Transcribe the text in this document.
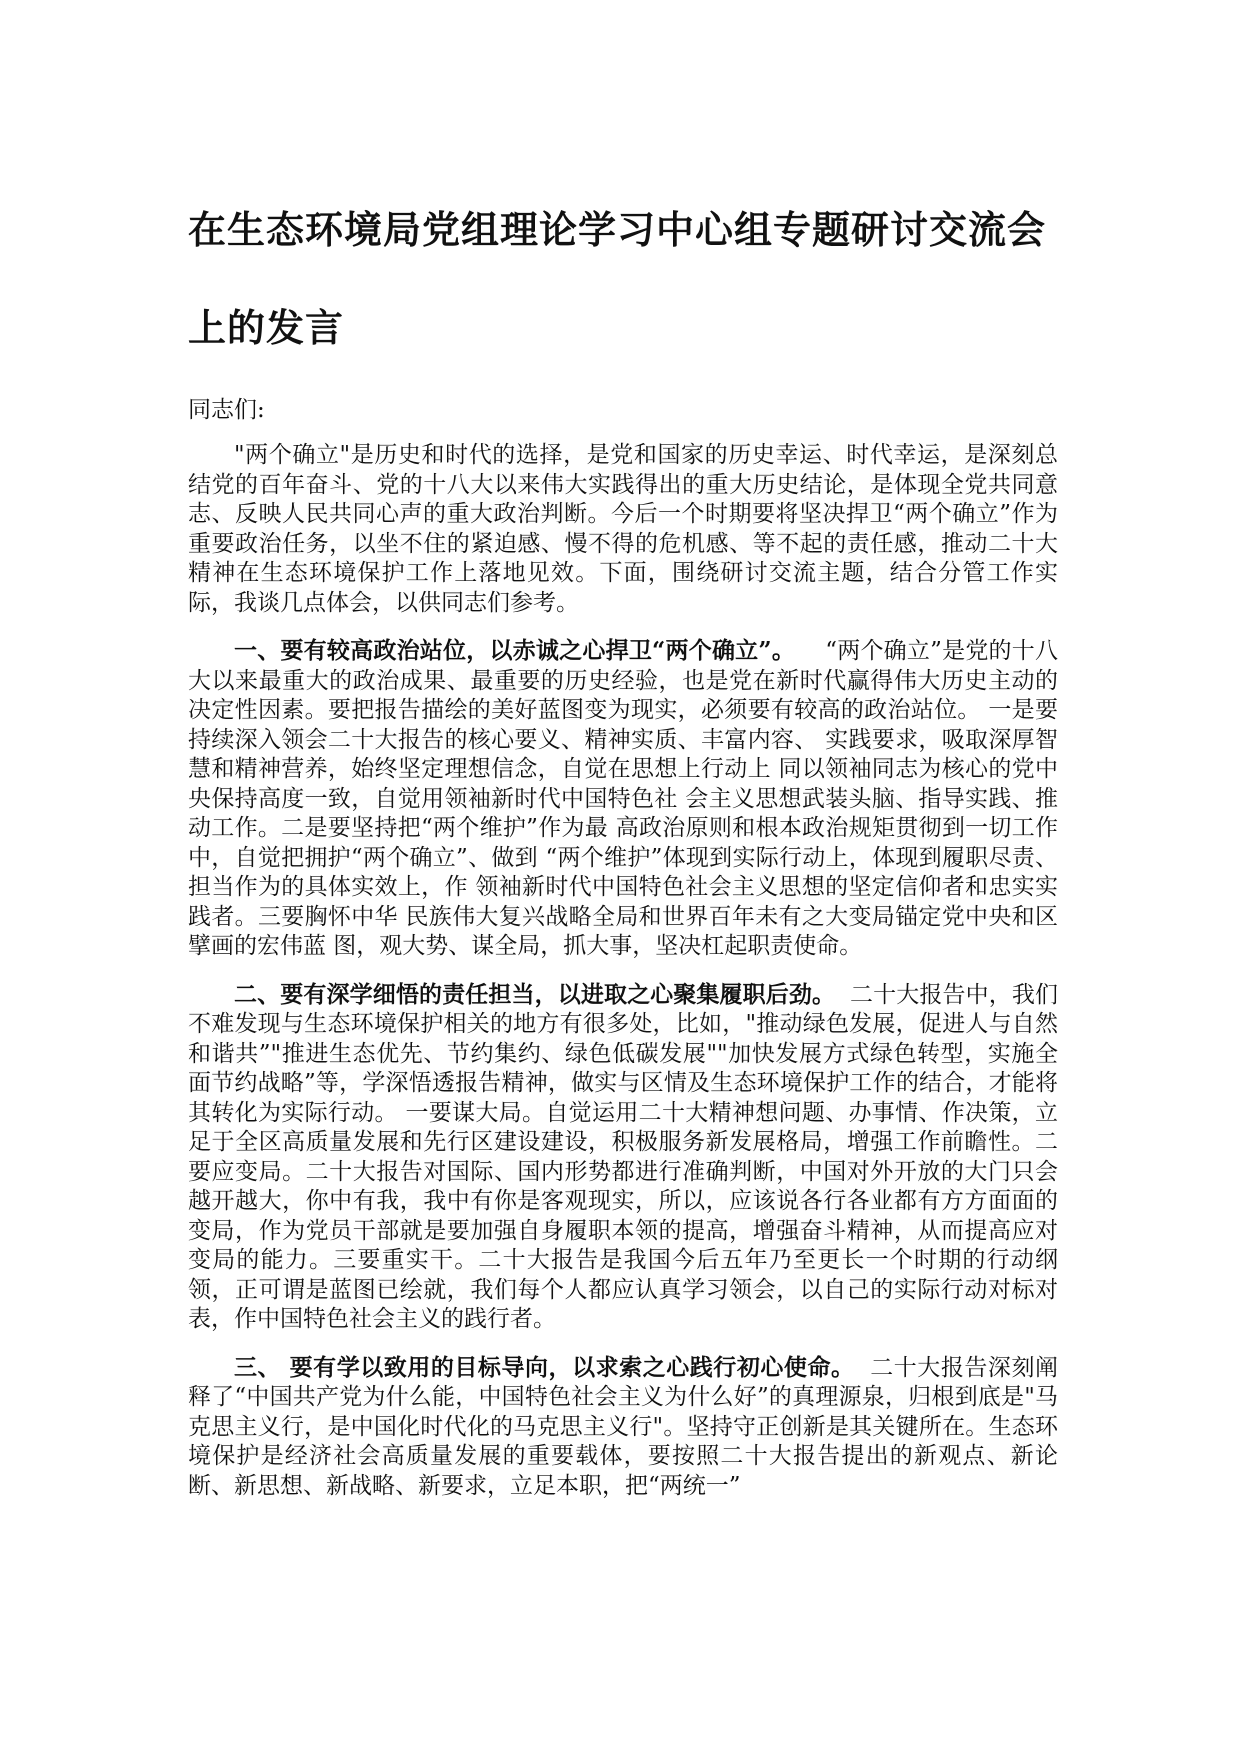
在生态环境局党组理论学习中心组专题研讨交流会
上的发言

同志们:

"两个确立"是历史和时代的选择，是党和国家的历史幸运、时代幸运，是深刻总结党的百年奋斗、党的十八大以来伟大实践得出的重大历史结论，是体现全党共同意志、反映人民共同心声的重大政治判断。今后一个时期要将坚决捍卫“两个确立”作为重要政治任务，以坐不住的紧迫感、慢不得的危机感、等不起的责任感，推动二十大精神在生态环境保护工作上落地见效。下面，围绕研讨交流主题，结合分管工作实际，我谈几点体会，以供同志们参考。

一、要有较高政治站位，以赤诚之心捍卫“两个确立”。 “两个确立”是党的十八大以来最重大的政治成果、最重要的历史经验，也是党在新时代赢得伟大历史主动的决定性因素。要把报告描绘的美好蓝图变为现实，必须要有较高的政治站位。 一是要持续深入领会二十大报告的核心要义、精神实质、丰富内容、 实践要求，吸取深厚智慧和精神营养，始终坚定理想信念，自觉在思想上行动上 同以领袖同志为核心的党中央保持高度一致，自觉用领袖新时代中国特色社 会主义思想武装头脑、指导实践、推动工作。二是要坚持把“两个维护”作为最 高政治原则和根本政治规矩贯彻到一切工作中，自觉把拥护“两个确立”、做到 “两个维护”体现到实际行动上，体现到履职尽责、担当作为的具体实效上，作 领袖新时代中国特色社会主义思想的坚定信仰者和忠实实践者。三要胸怀中华 民族伟大复兴战略全局和世界百年未有之大变局锚定党中央和区擘画的宏伟蓝 图，观大势、谋全局，抓大事，坚决杠起职责使命。

二、要有深学细悟的责任担当，以进取之心聚集履职后劲。 二十大报告中，我们不难发现与生态环境保护相关的地方有很多处，比如，"推动绿色发展，促进人与自然和谐共”"推进生态优先、节约集约、绿色低碳发展""加快发展方式绿色转型，实施全面节约战略”等，学深悟透报告精神，做实与区情及生态环境保护工作的结合，才能将其转化为实际行动。 一要谋大局。自觉运用二十大精神想问题、办事情、作决策，立足于全区高质量发展和先行区建设建设，积极服务新发展格局，增强工作前瞻性。二要应变局。二十大报告对国际、国内形势都进行准确判断，中国对外开放的大门只会越开越大，你中有我，我中有你是客观现实，所以，应该说各行各业都有方方面面的变局，作为党员干部就是要加强自身履职本领的提高，增强奋斗精神，从而提高应对变局的能力。三要重实干。二十大报告是我国今后五年乃至更长一个时期的行动纲领，正可谓是蓝图已绘就，我们每个人都应认真学习领会，以自己的实际行动对标对表，作中国特色社会主义的践行者。

三、 要有学以致用的目标导向，以求索之心践行初心使命。 二十大报告深刻阐释了“中国共产党为什么能，中国特色社会主义为什么好”的真理源泉，归根到底是"马克思主义行，是中国化时代化的马克思主义行"。坚持守正创新是其关键所在。生态环境保护是经济社会高质量发展的重要载体，要按照二十大报告提出的新观点、新论断、新思想、新战略、新要求，立足本职，把“两统一”
